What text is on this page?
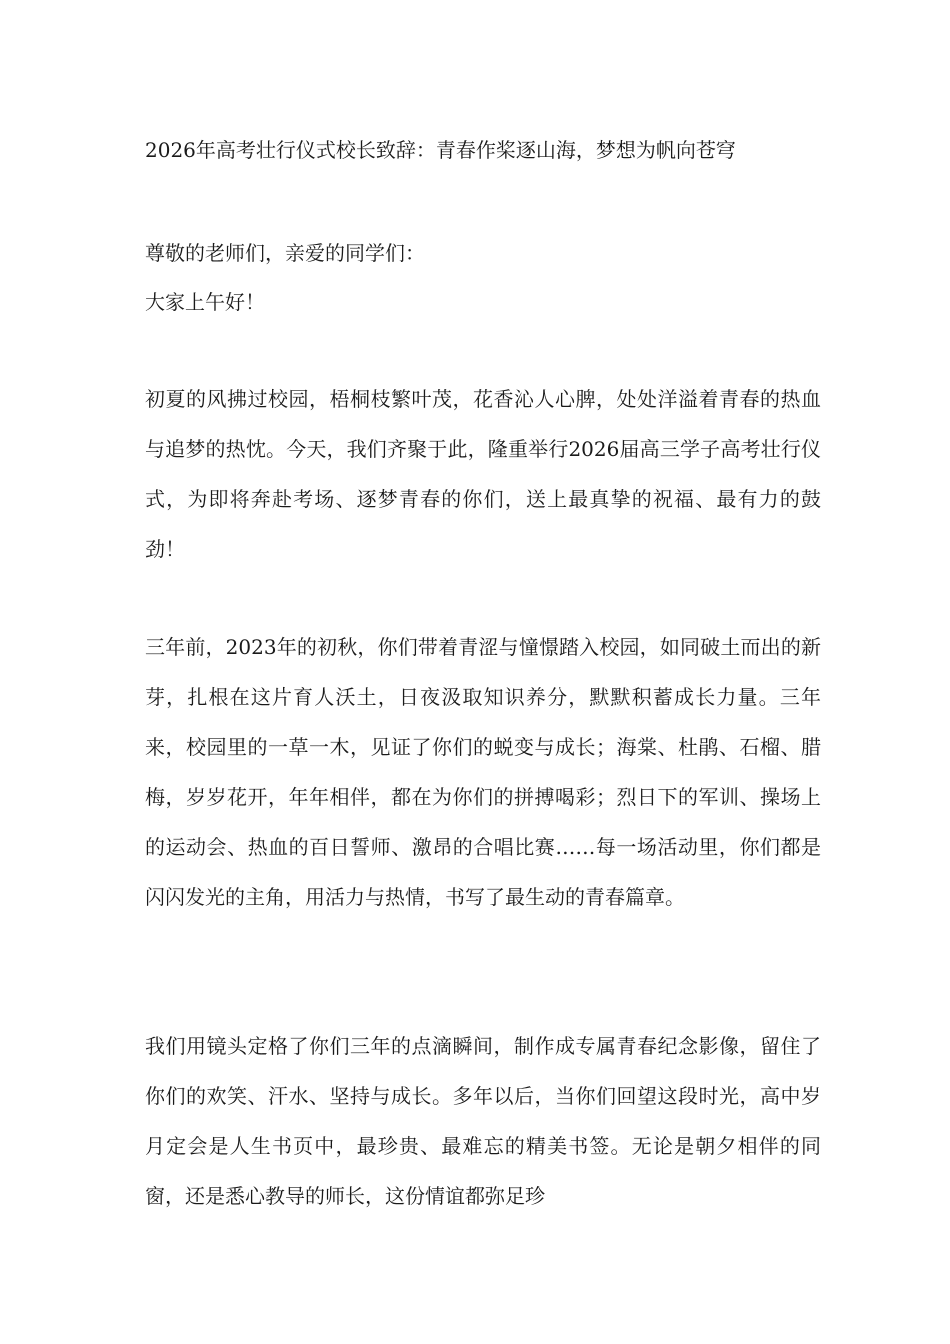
2026年高考壮行仪式校长致辞：青春作桨逐山海，梦想为帆向苍穹
尊敬的老师们，亲爱的同学们：
大家上午好！
初夏的风拂过校园，梧桐枝繁叶茂，花香沁人心脾，处处洋溢着青春的热血与追梦的热忱。今天，我们齐聚于此，隆重举行2026届高三学子高考壮行仪式，为即将奔赴考场、逐梦青春的你们，送上最真挚的祝福、最有力的鼓劲！
三年前，2023年的初秋，你们带着青涩与憧憬踏入校园，如同破土而出的新芽，扎根在这片育人沃土，日夜汲取知识养分，默默积蓄成长力量。三年来，校园里的一草一木，见证了你们的蜕变与成长；海棠、杜鹃、石榴、腊梅，岁岁花开，年年相伴，都在为你们的拼搏喝彩；烈日下的军训、操场上的运动会、热血的百日誓师、激昂的合唱比赛……每一场活动里，你们都是闪闪发光的主角，用活力与热情，书写了最生动的青春篇章。
我们用镜头定格了你们三年的点滴瞬间，制作成专属青春纪念影像，留住了你们的欢笑、汗水、坚持与成长。多年以后，当你们回望这段时光，高中岁月定会是人生书页中，最珍贵、最难忘的精美书签。无论是朝夕相伴的同窗，还是悉心教导的师长，这份情谊都弥足珍
